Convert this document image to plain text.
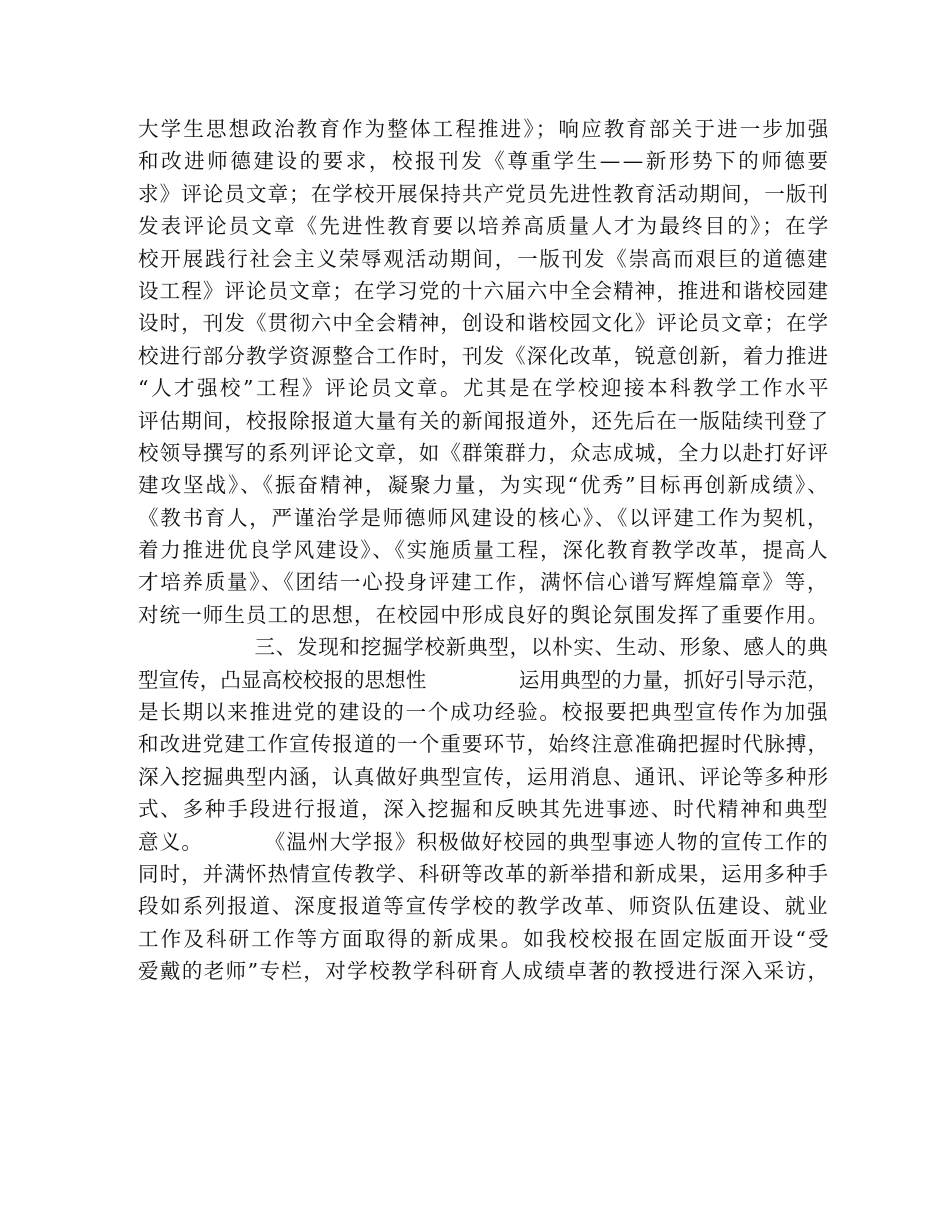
大学生思想政治教育作为整体工程推进》；响应教育部关于进一步加强
和改进师德建设的要求，校报刊发《尊重学生——新形势下的师德要
求》评论员文章；在学校开展保持共产党员先进性教育活动期间，一版刊
发表评论员文章《先进性教育要以培养高质量人才为最终目的》；在学
校开展践行社会主义荣辱观活动期间，一版刊发《崇高而艰巨的道德建
设工程》评论员文章；在学习党的十六届六中全会精神，推进和谐校园建
设时，刊发《贯彻六中全会精神，创设和谐校园文化》评论员文章；在学
校进行部分教学资源整合工作时，刊发《深化改革，锐意创新，着力推进
“人才强校”工程》评论员文章。尤其是在学校迎接本科教学工作水平
评估期间，校报除报道大量有关的新闻报道外，还先后在一版陆续刊登了
校领导撰写的系列评论文章，如《群策群力，众志成城，全力以赴打好评
建攻坚战》、《振奋精神，凝聚力量，为实现“优秀”目标再创新成绩》、
《教书育人，严谨治学是师德师风建设的核心》、《以评建工作为契机，
着力推进优良学风建设》、《实施质量工程，深化教育教学改革，提高人
才培养质量》、《团结一心投身评建工作，满怀信心谱写辉煌篇章》等，
对统一师生员工的思想，在校园中形成良好的舆论氛围发挥了重要作用。
三、发现和挖掘学校新典型，以朴实、生动、形象、感人的典
型宣传，凸显高校校报的思想性              运用典型的力量，抓好引导示范，
是长期以来推进党的建设的一个成功经验。校报要把典型宣传作为加强
和改进党建工作宣传报道的一个重要环节，始终注意准确把握时代脉搏，
深入挖掘典型内涵，认真做好典型宣传，运用消息、通讯、评论等多种形
式、多种手段进行报道，深入挖掘和反映其先进事迹、时代精神和典型
意义。        《温州大学报》积极做好校园的典型事迹人物的宣传工作的
同时，并满怀热情宣传教学、科研等改革的新举措和新成果，运用多种手
段如系列报道、深度报道等宣传学校的教学改革、师资队伍建设、就业
工作及科研工作等方面取得的新成果。如我校校报在固定版面开设“受
爱戴的老师”专栏，对学校教学科研育人成绩卓著的教授进行深入采访，
